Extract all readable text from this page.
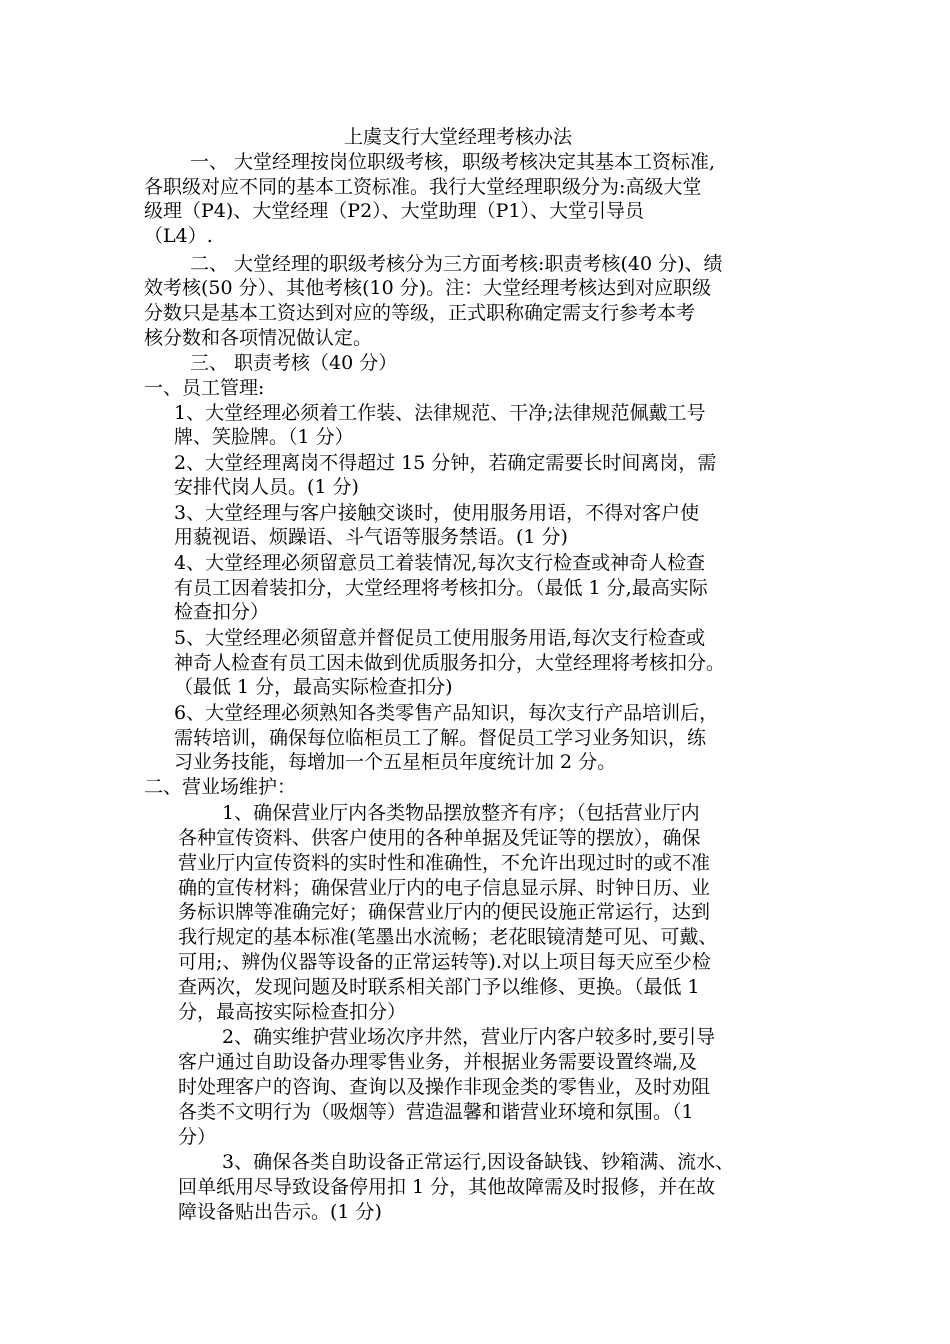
上虞支行大堂经理考核办法
一、 大堂经理按岗位职级考核，职级考核决定其基本工资标准,
各职级对应不同的基本工资标准。我行大堂经理职级分为:高级大堂
级理（P4)、大堂经理（P2）、大堂助理（P1）、大堂引导员
（L4）.
二、 大堂经理的职级考核分为三方面考核:职责考核(40 分)、绩
效考核(50 分）、其他考核(10 分)。注：大堂经理考核达到对应职级
分数只是基本工资达到对应的等级，正式职称确定需支行参考本考
核分数和各项情况做认定。
三、 职责考核（40 分）
一、员工管理:
1、大堂经理必须着工作装、法律规范、干净;法律规范佩戴工号
牌、笑脸牌。（1 分）
2、大堂经理离岗不得超过 15 分钟，若确定需要长时间离岗，需
安排代岗人员。(1 分)
3、大堂经理与客户接触交谈时，使用服务用语，不得对客户使
用藐视语、烦躁语、斗气语等服务禁语。(1 分)
4、大堂经理必须留意员工着装情况,每次支行检查或神奇人检查
有员工因着装扣分，大堂经理将考核扣分。（最低 1 分,最高实际
检查扣分）
5、大堂经理必须留意并督促员工使用服务用语,每次支行检查或
神奇人检查有员工因未做到优质服务扣分，大堂经理将考核扣分。
（最低 1 分，最高实际检查扣分)
6、大堂经理必须熟知各类零售产品知识，每次支行产品培训后，
需转培训，确保每位临柜员工了解。督促员工学习业务知识，练
习业务技能，每增加一个五星柜员年度统计加 2 分。
二、营业场维护：
1、确保营业厅内各类物品摆放整齐有序；（包括营业厅内
各种宣传资料、供客户使用的各种单据及凭证等的摆放），确保
营业厅内宣传资料的实时性和准确性，不允许出现过时的或不准
确的宣传材料；确保营业厅内的电子信息显示屏、时钟日历、业
务标识牌等准确完好；确保营业厅内的便民设施正常运行，达到
我行规定的基本标准(笔墨出水流畅；老花眼镜清楚可见、可戴、
可用;、辨伪仪器等设备的正常运转等).对以上项目每天应至少检
查两次，发现问题及时联系相关部门予以维修、更换。（最低 1
分，最高按实际检查扣分）
2、确实维护营业场次序井然，营业厅内客户较多时,要引导
客户通过自助设备办理零售业务，并根据业务需要设置终端,及
时处理客户的咨询、查询以及操作非现金类的零售业，及时劝阻
各类不文明行为（吸烟等）营造温馨和谐营业环境和氛围。（1
分）
3、确保各类自助设备正常运行,因设备缺钱、钞箱满、流水、
回单纸用尽导致设备停用扣 1 分，其他故障需及时报修，并在故
障设备贴出告示。(1 分)
